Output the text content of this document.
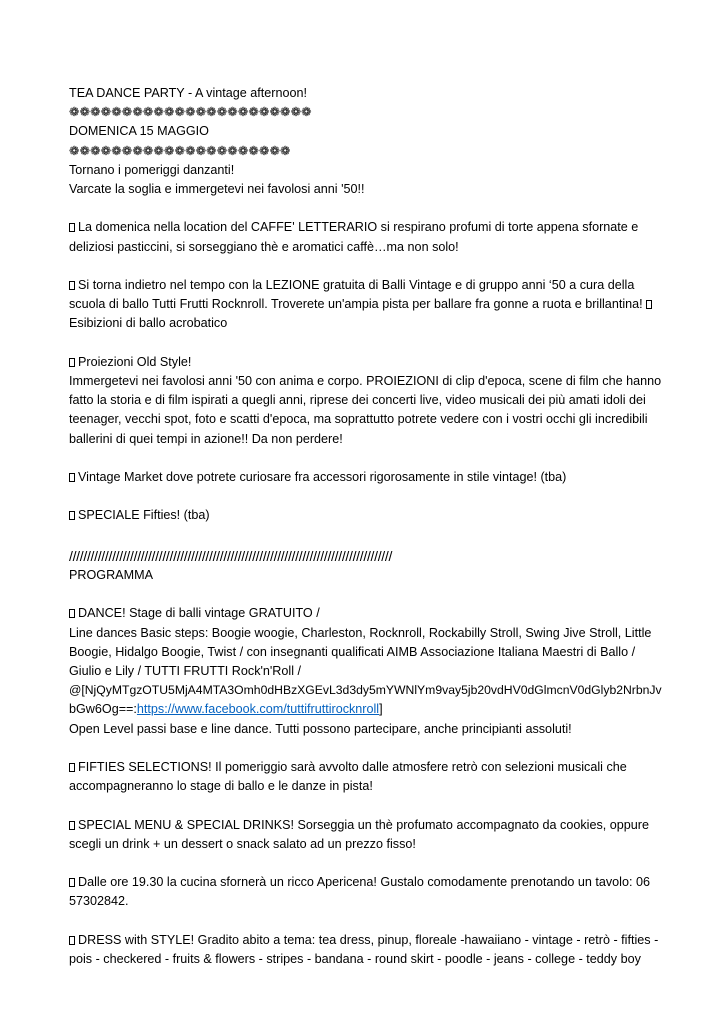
TEA DANCE PARTY - A vintage afternoon!
❁❁❁❁❁❁❁❁❁❁❁❁❁❁❁❁❁❁❁❁❁❁❁
DOMENICA 15 MAGGIO
❁❁❁❁❁❁❁❁❁❁❁❁❁❁❁❁❁❁❁❁❁
Tornano i pomeriggi danzanti!
Varcate la soglia e immergetevi nei favolosi anni '50!!
La domenica nella location del CAFFE' LETTERARIO si respirano profumi di torte appena sfornate e deliziosi pasticcini, si sorseggiano thè e aromatici caffè…ma non solo!
Si torna indietro nel tempo con la LEZIONE gratuita di Balli Vintage e di gruppo anni ‘50 a cura della scuola di ballo Tutti Frutti Rocknroll. Troverete un'ampia pista per ballare fra gonne a ruota e brillantina!
Esibizioni di ballo acrobatico
Proiezioni Old Style!
Immergetevi nei favolosi anni '50 con anima e corpo. PROIEZIONI di clip d'epoca, scene di film che hanno fatto la storia e di film ispirati a quegli anni, riprese dei concerti live, video musicali dei più amati idoli dei teenager, vecchi spot, foto e scatti d'epoca, ma soprattutto potrete vedere con i vostri occhi gli incredibili ballerini di quei tempi in azione!! Da non perdere!
Vintage Market dove potrete curiosare fra accessori rigorosamente in stile vintage! (tba)
SPECIALE Fifties! (tba)
//////////////////////////////////////////////////////////////////////////////////////////
PROGRAMMA
DANCE! Stage di balli vintage GRATUITO /
Line dances Basic steps: Boogie woogie, Charleston, Rocknroll, Rockabilly Stroll, Swing Jive Stroll, Little Boogie, Hidalgo Boogie, Twist / con insegnanti qualificati AIMB Associazione Italiana Maestri di Ballo / Giulio e Lily / TUTTI FRUTTI Rock'n'Roll /
@[NjQyMTgzOTU5MjA4MTA3Omh0dHBzXGEvL3d3dy5mYWNlYm9vay5jb20vdHV0dGlmcnV0dGlyb2NrbnJv
bGw6Og==:https://www.facebook.com/tuttifruttirocknroll]
Open Level passi base e line dance. Tutti possono partecipare, anche principianti assoluti!
FIFTIES SELECTIONS! Il pomeriggio sarà avvolto dalle atmosfere retrò con selezioni musicali che accompagneranno lo stage di ballo e le danze in pista!
SPECIAL MENU & SPECIAL DRINKS! Sorseggia un thè profumato accompagnato da cookies, oppure scegli un drink + un dessert o snack salato ad un prezzo fisso!
Dalle ore 19.30 la cucina sfornerà un ricco Apericena! Gustalo comodamente prenotando un tavolo: 06 57302842.
DRESS with STYLE! Gradito abito a tema: tea dress, pinup, floreale -hawaiiano - vintage - retrò - fifties - pois - checkered - fruits & flowers - stripes - bandana - round skirt - poodle - jeans - college - teddy boy
